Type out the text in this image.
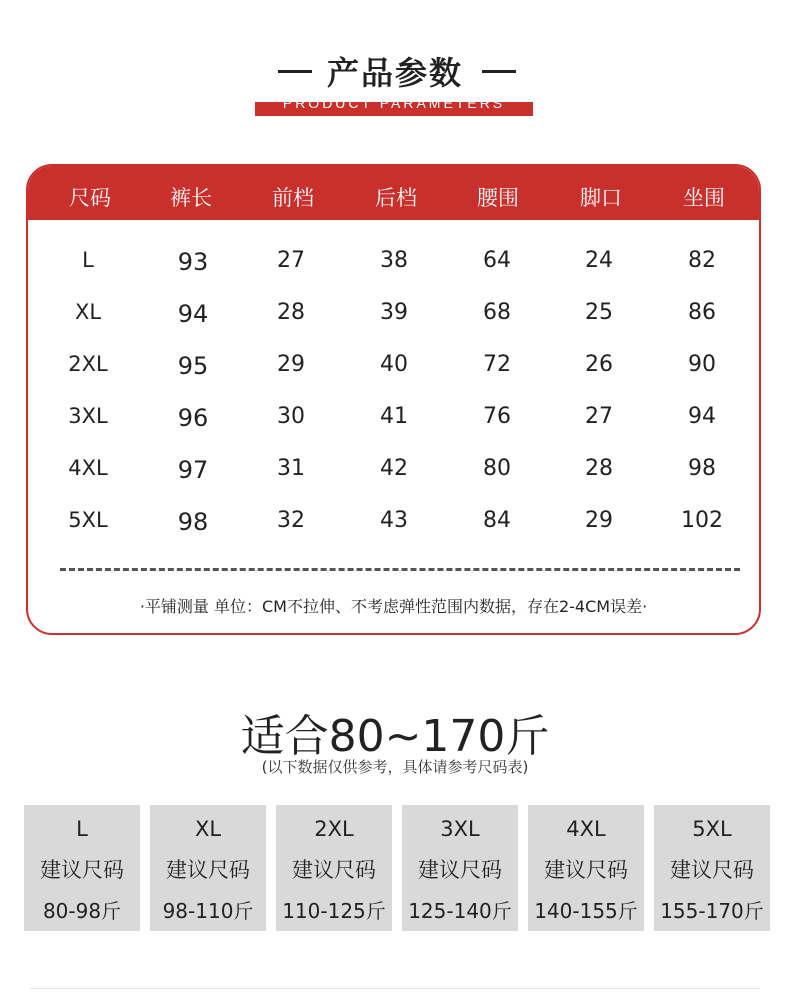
产品参数
PRODUCT PARAMETERS
尺码	裤长	前档	后档	腰围	脚口	坐围
L	93	27	38	64	24	82
XL	94	28	39	68	25	86
2XL	95	29	40	72	26	90
3XL	96	30	41	76	27	94
4XL	97	31	42	80	28	98
5XL	98	32	43	84	29	102
·平铺测量 单位：CM不拉伸、不考虑弹性范围内数据，存在2-4CM误差·
适合80~170斤
(以下数据仅供参考，具体请参考尺码表)
L
建议尺码
80-98斤
XL
建议尺码
98-110斤
2XL
建议尺码
110-125斤
3XL
建议尺码
125-140斤
4XL
建议尺码
140-155斤
5XL
建议尺码
155-170斤
